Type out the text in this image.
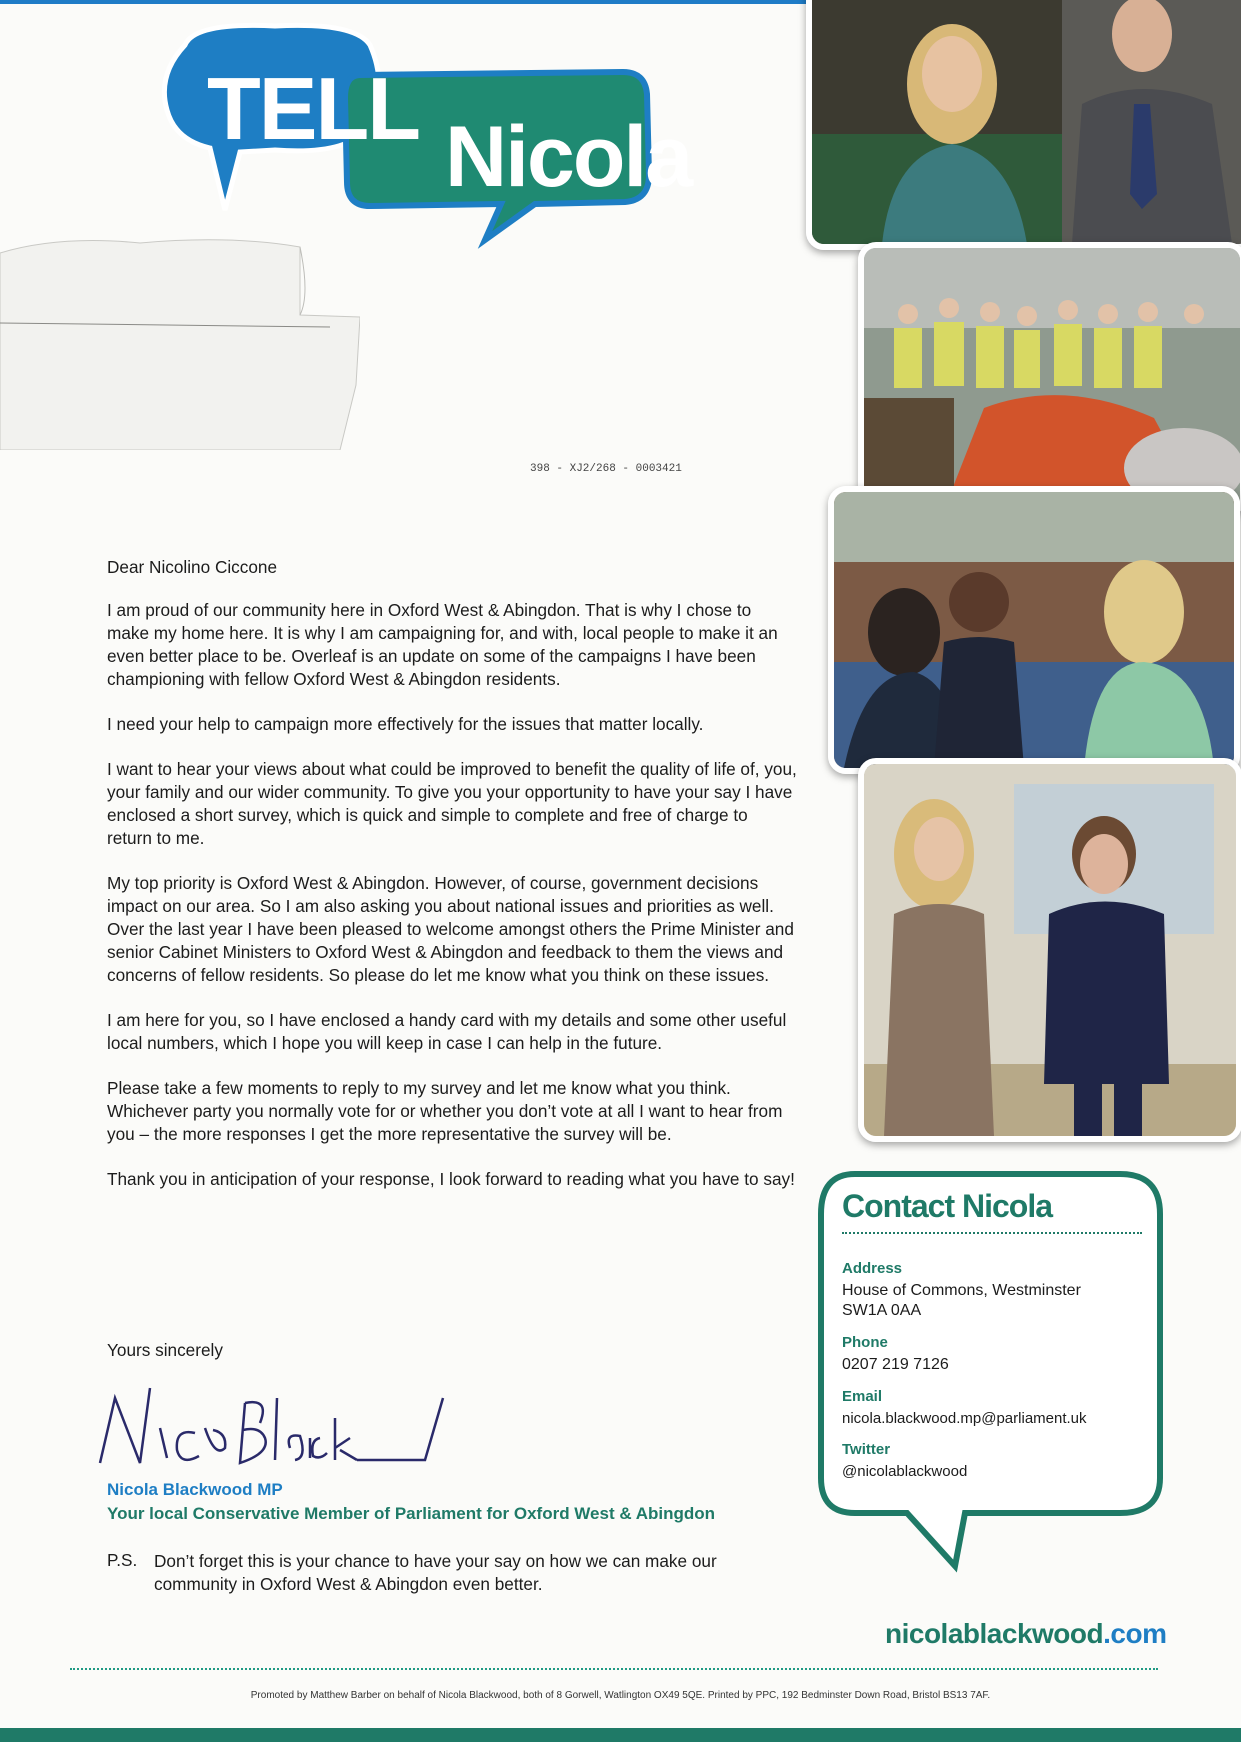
TELL Nicola
398 - XJ2/268 - 0003421

Dear Nicolino Ciccone

I am proud of our community here in Oxford West & Abingdon. That is why I chose to make my home here. It is why I am campaigning for, and with, local people to make it an even better place to be. Overleaf is an update on some of the campaigns I have been championing with fellow Oxford West & Abingdon residents.

I need your help to campaign more effectively for the issues that matter locally.

I want to hear your views about what could be improved to benefit the quality of life of, you, your family and our wider community. To give you your opportunity to have your say I have enclosed a short survey, which is quick and simple to complete and free of charge to return to me.

My top priority is Oxford West & Abingdon. However, of course, government decisions impact on our area. So I am also asking you about national issues and priorities as well. Over the last year I have been pleased to welcome amongst others the Prime Minister and senior Cabinet Ministers to Oxford West & Abingdon and feedback to them the views and concerns of fellow residents. So please do let me know what you think on these issues.

I am here for you, so I have enclosed a handy card with my details and some other useful local numbers, which I hope you will keep in case I can help in the future.

Please take a few moments to reply to my survey and let me know what you think. Whichever party you normally vote for or whether you don’t vote at all I want to hear from you – the more responses I get the more representative the survey will be.

Thank you in anticipation of your response, I look forward to reading what you have to say!

Yours sincerely
Nicola Blackwood MP
Your local Conservative Member of Parliament for Oxford West & Abingdon
P.S. Don’t forget this is your chance to have your say on how we can make our community in Oxford West & Abingdon even better.
Contact Nicola
Address
House of Commons, Westminster
SW1A 0AA
Phone
0207 219 7126
Email
nicola.blackwood.mp@parliament.uk
Twitter
@nicolablackwood
nicolablackwood.com
Promoted by Matthew Barber on behalf of Nicola Blackwood, both of 8 Gorwell, Watlington OX49 5QE. Printed by PPC, 192 Bedminster Down Road, Bristol BS13 7AF.
